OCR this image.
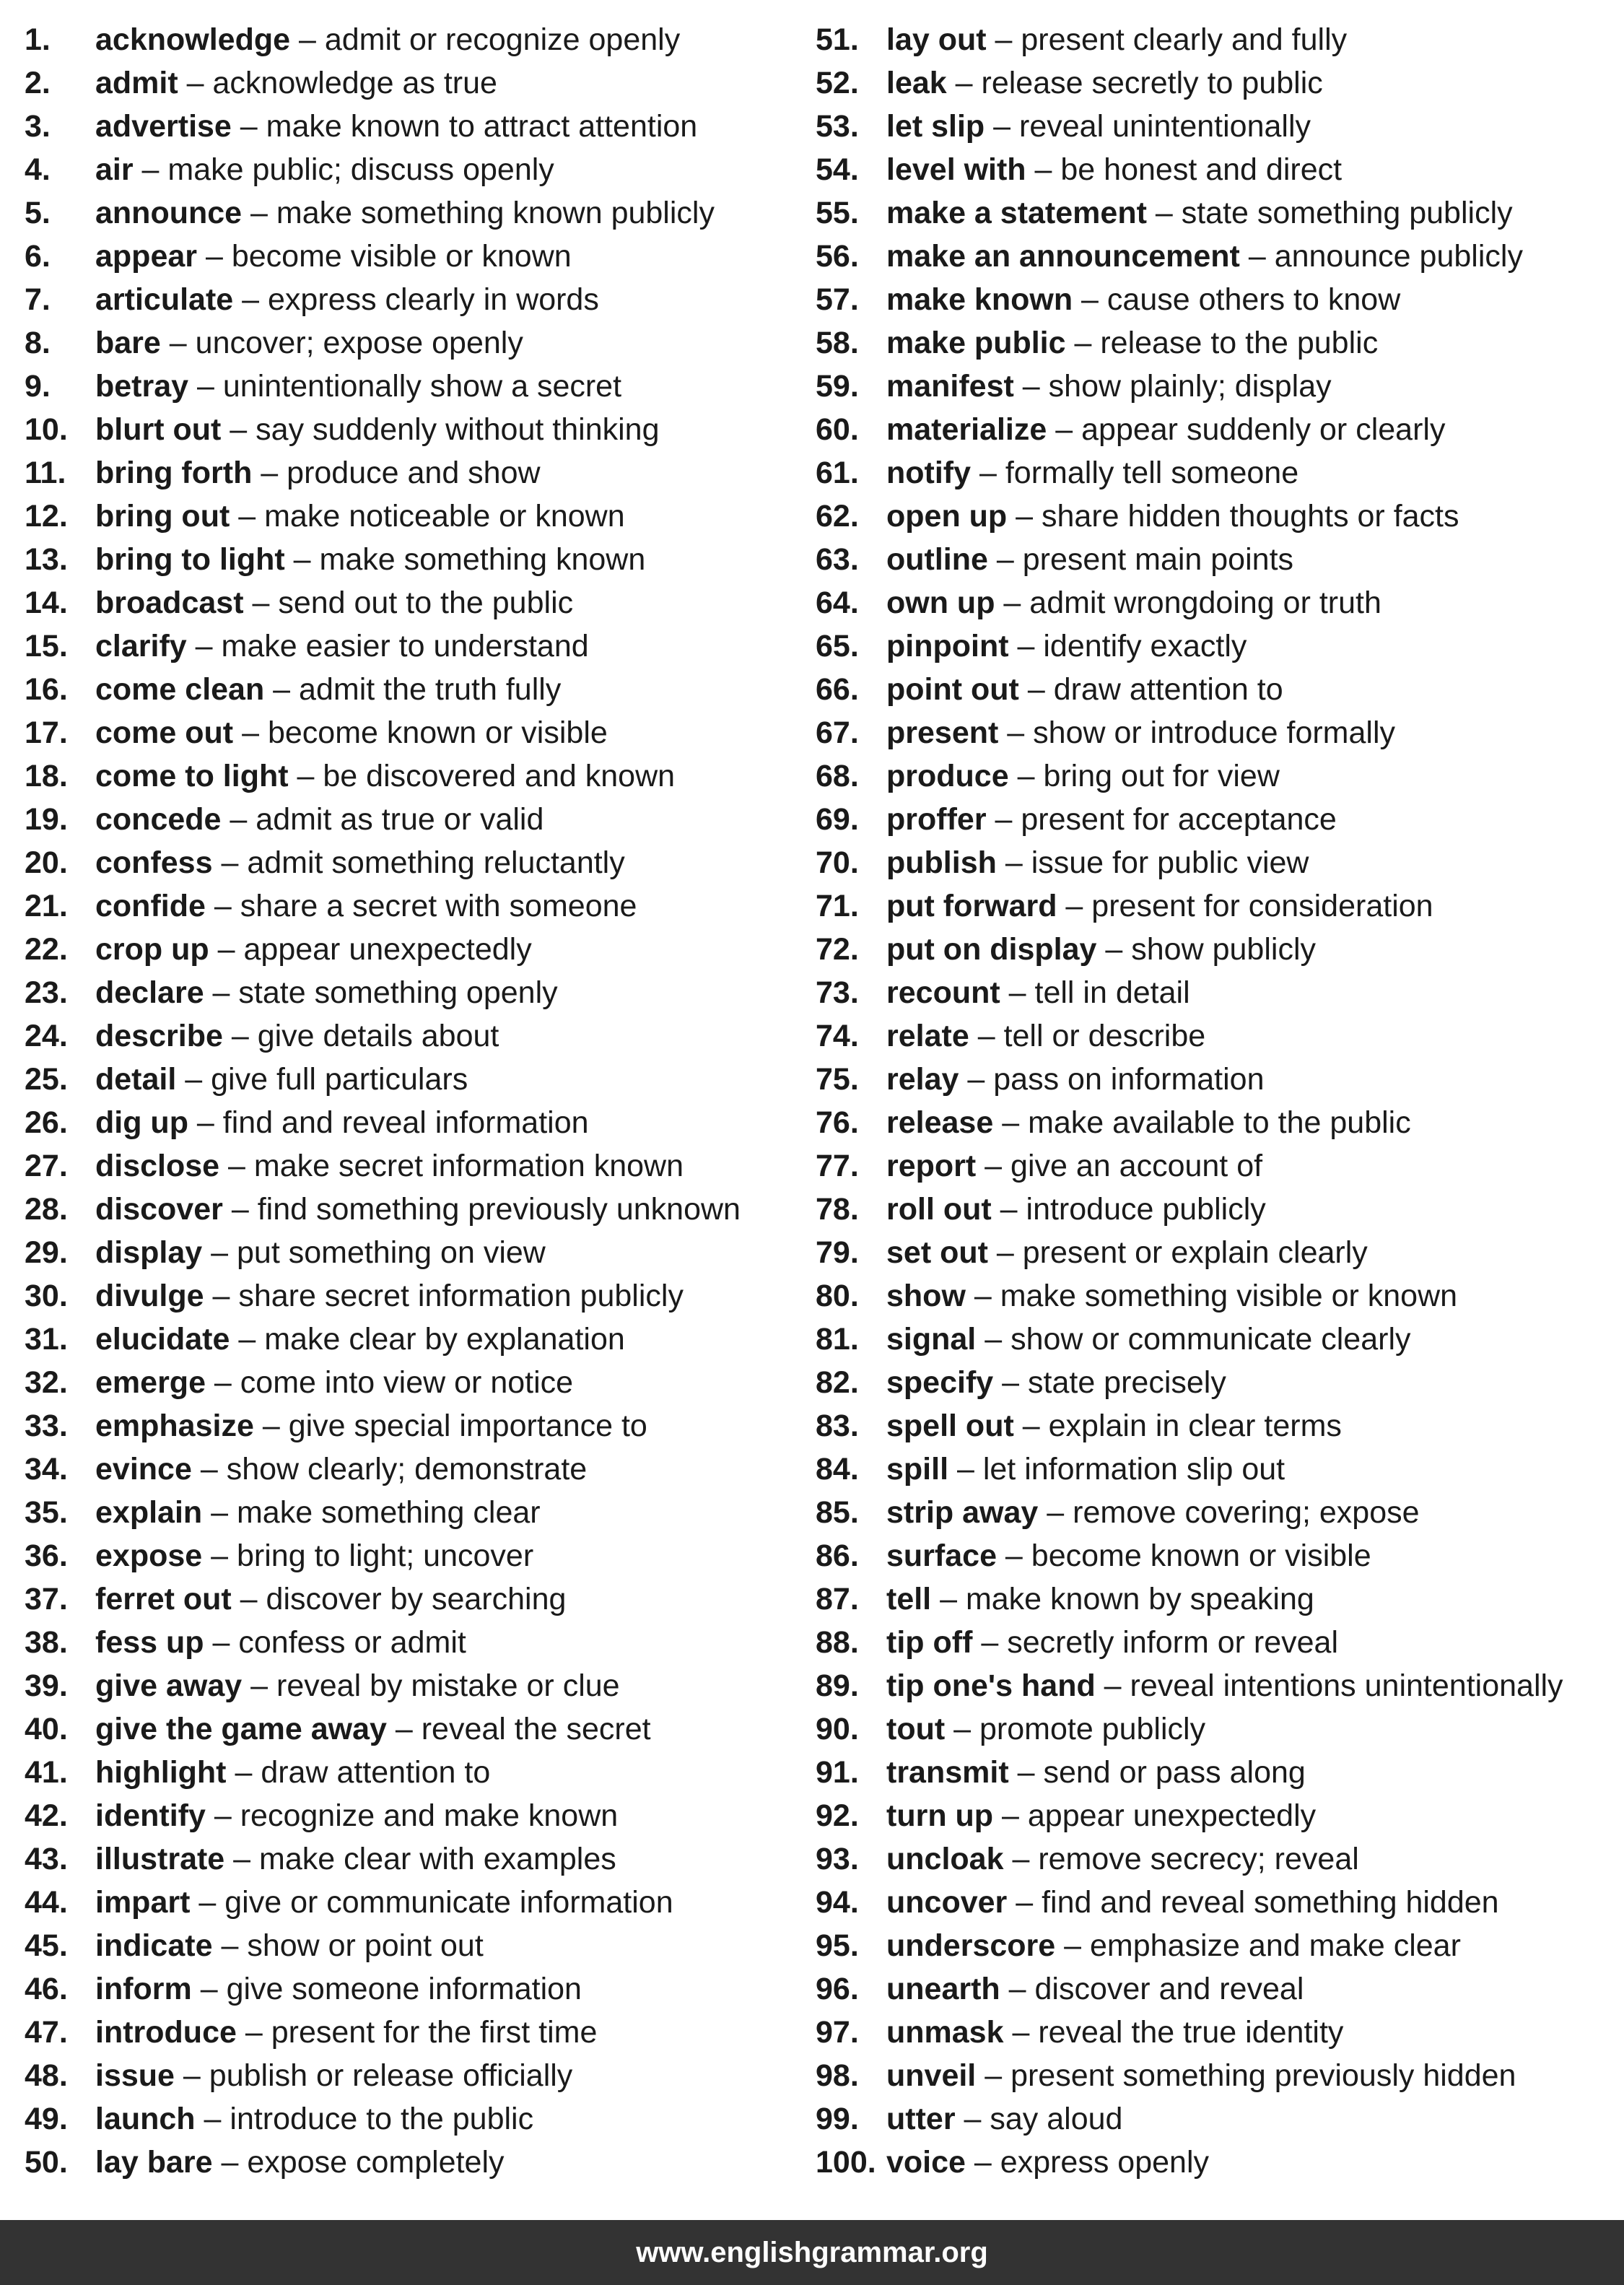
1. acknowledge – admit or recognize openly
2. admit – acknowledge as true
3. advertise – make known to attract attention
4. air – make public; discuss openly
5. announce – make something known publicly
6. appear – become visible or known
7. articulate – express clearly in words
8. bare – uncover; expose openly
9. betray – unintentionally show a secret
10. blurt out – say suddenly without thinking
11. bring forth – produce and show
12. bring out – make noticeable or known
13. bring to light – make something known
14. broadcast – send out to the public
15. clarify – make easier to understand
16. come clean – admit the truth fully
17. come out – become known or visible
18. come to light – be discovered and known
19. concede – admit as true or valid
20. confess – admit something reluctantly
21. confide – share a secret with someone
22. crop up – appear unexpectedly
23. declare – state something openly
24. describe – give details about
25. detail – give full particulars
26. dig up – find and reveal information
27. disclose – make secret information known
28. discover – find something previously unknown
29. display – put something on view
30. divulge – share secret information publicly
31. elucidate – make clear by explanation
32. emerge – come into view or notice
33. emphasize – give special importance to
34. evince – show clearly; demonstrate
35. explain – make something clear
36. expose – bring to light; uncover
37. ferret out – discover by searching
38. fess up – confess or admit
39. give away – reveal by mistake or clue
40. give the game away – reveal the secret
41. highlight – draw attention to
42. identify – recognize and make known
43. illustrate – make clear with examples
44. impart – give or communicate information
45. indicate – show or point out
46. inform – give someone information
47. introduce – present for the first time
48. issue – publish or release officially
49. launch – introduce to the public
50. lay bare – expose completely
51. lay out – present clearly and fully
52. leak – release secretly to public
53. let slip – reveal unintentionally
54. level with – be honest and direct
55. make a statement – state something publicly
56. make an announcement – announce publicly
57. make known – cause others to know
58. make public – release to the public
59. manifest – show plainly; display
60. materialize – appear suddenly or clearly
61. notify – formally tell someone
62. open up – share hidden thoughts or facts
63. outline – present main points
64. own up – admit wrongdoing or truth
65. pinpoint – identify exactly
66. point out – draw attention to
67. present – show or introduce formally
68. produce – bring out for view
69. proffer – present for acceptance
70. publish – issue for public view
71. put forward – present for consideration
72. put on display – show publicly
73. recount – tell in detail
74. relate – tell or describe
75. relay – pass on information
76. release – make available to the public
77. report – give an account of
78. roll out – introduce publicly
79. set out – present or explain clearly
80. show – make something visible or known
81. signal – show or communicate clearly
82. specify – state precisely
83. spell out – explain in clear terms
84. spill – let information slip out
85. strip away – remove covering; expose
86. surface – become known or visible
87. tell – make known by speaking
88. tip off – secretly inform or reveal
89. tip one's hand – reveal intentions unintentionally
90. tout – promote publicly
91. transmit – send or pass along
92. turn up – appear unexpectedly
93. uncloak – remove secrecy; reveal
94. uncover – find and reveal something hidden
95. underscore – emphasize and make clear
96. unearth – discover and reveal
97. unmask – reveal the true identity
98. unveil – present something previously hidden
99. utter – say aloud
100. voice – express openly
www.englishgrammar.org
